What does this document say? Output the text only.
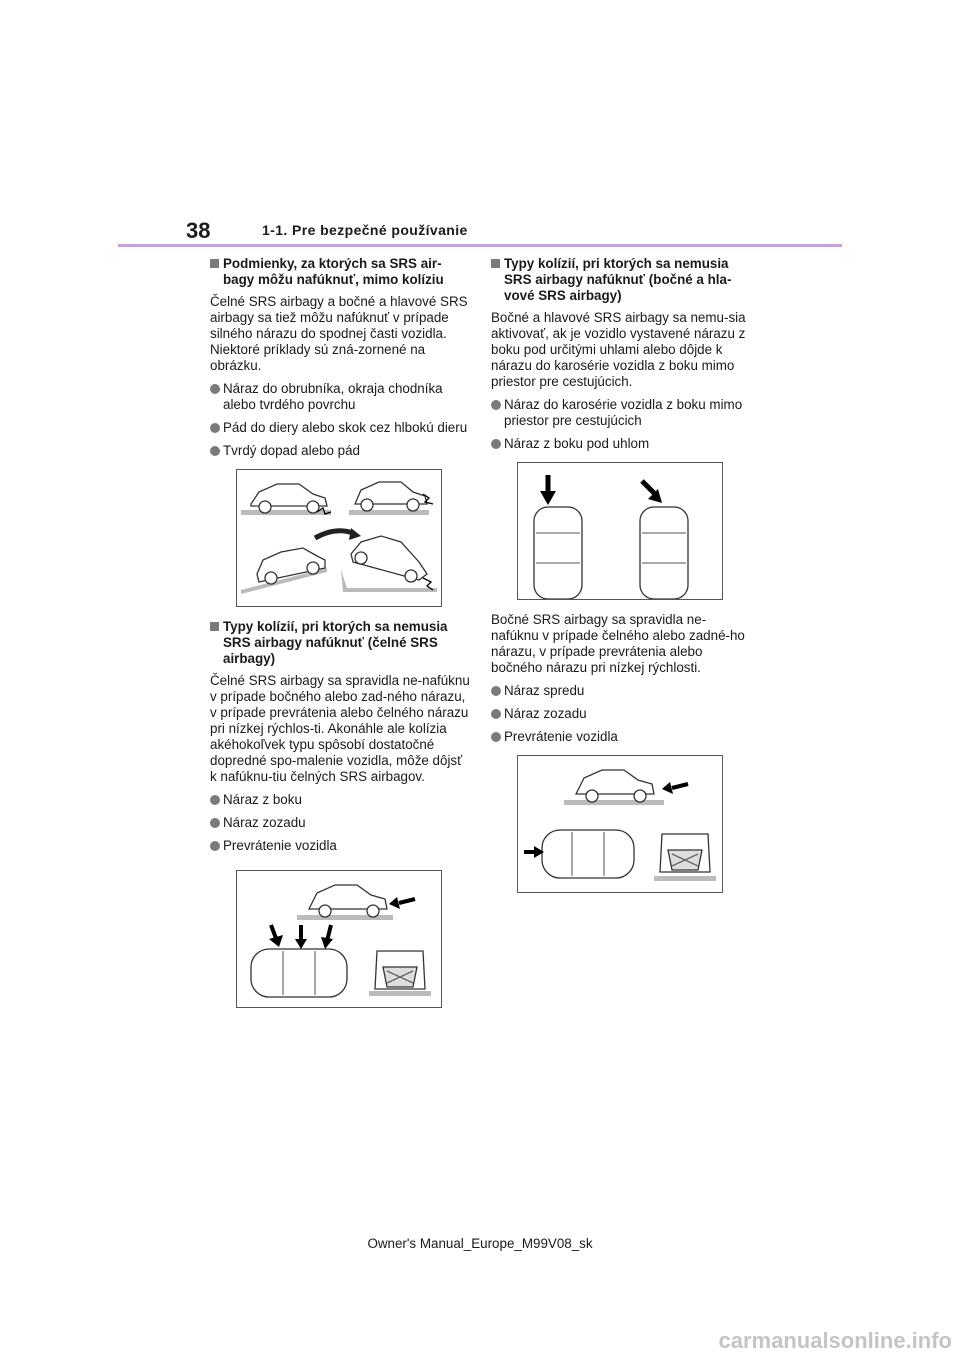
38	1-1. Pre bezpečné používanie
Podmienky, za ktorých sa SRS air-bagy môžu nafúknuť, mimo kolíziu
Čelné SRS airbagy a bočné a hlavové SRS airbagy sa tiež môžu nafúknuť v prípade silného nárazu do spodnej časti vozidla. Niektoré príklady sú zná-zornené na obrázku.
Náraz do obrubníka, okraja chodníka alebo tvrdého povrchu
Pád do diery alebo skok cez hlbokú dieru
Tvrdý dopad alebo pád
Typy kolízií, pri ktorých sa nemusia SRS airbagy nafúknuť (čelné SRS airbagy)
Čelné SRS airbagy sa spravidla ne-nafúknu v prípade bočného alebo zad-ného nárazu, v prípade prevrátenia alebo čelného nárazu pri nízkej rýchlos-ti. Akonáhle ale kolízia akéhokoľvek typu spôsobí dostatočné dopredné spo-malenie vozidla, môže dôjsť k nafúknu-tiu čelných SRS airbagov.
Náraz z boku
Náraz zozadu
Prevrátenie vozidla
Typy kolízií, pri ktorých sa nemusia SRS airbagy nafúknuť (bočné a hla-vové SRS airbagy)
Bočné a hlavové SRS airbagy sa nemu-sia aktivovať, ak je vozidlo vystavené nárazu z boku pod určitými uhlami alebo dôjde k nárazu do karosérie vozidla z boku mimo priestor pre cestujúcich.
Náraz do karosérie vozidla z boku mimo priestor pre cestujúcich
Náraz z boku pod uhlom
Bočné SRS airbagy sa spravidla ne-nafúknu v prípade čelného alebo zadné-ho nárazu, v prípade prevrátenia alebo bočného nárazu pri nízkej rýchlosti.
Náraz spredu
Náraz zozadu
Prevrátenie vozidla
Owner's Manual_Europe_M99V08_sk
carmanualsonline.info
